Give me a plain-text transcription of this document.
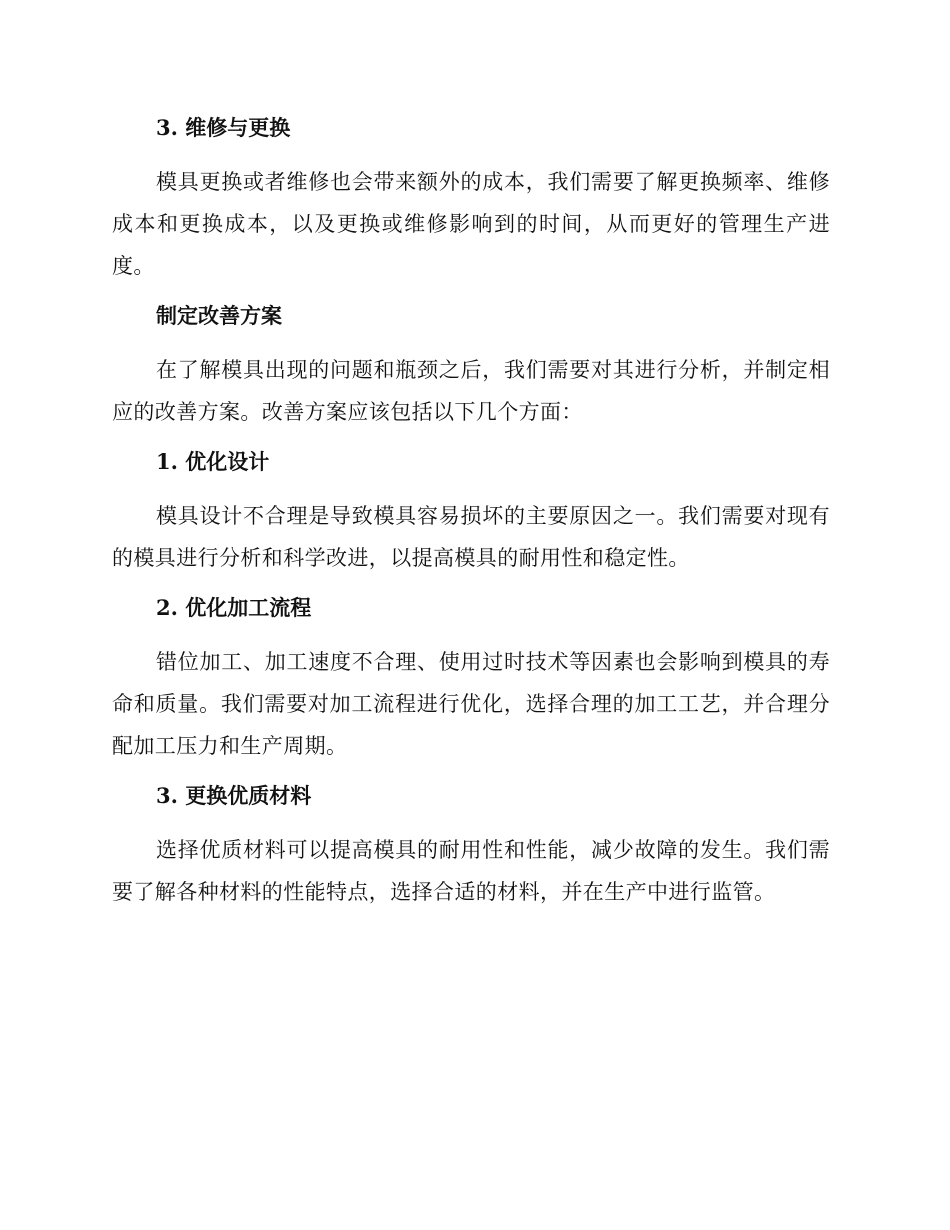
3. 维修与更换

模具更换或者维修也会带来额外的成本，我们需要了解更换频率、维修成本和更换成本，以及更换或维修影响到的时间，从而更好的管理生产进度。

制定改善方案

在了解模具出现的问题和瓶颈之后，我们需要对其进行分析，并制定相应的改善方案。改善方案应该包括以下几个方面：

1. 优化设计

模具设计不合理是导致模具容易损坏的主要原因之一。我们需要对现有的模具进行分析和科学改进，以提高模具的耐用性和稳定性。

2. 优化加工流程

错位加工、加工速度不合理、使用过时技术等因素也会影响到模具的寿命和质量。我们需要对加工流程进行优化，选择合理的加工工艺，并合理分配加工压力和生产周期。

3. 更换优质材料

选择优质材料可以提高模具的耐用性和性能，减少故障的发生。我们需要了解各种材料的性能特点，选择合适的材料，并在生产中进行监管。
